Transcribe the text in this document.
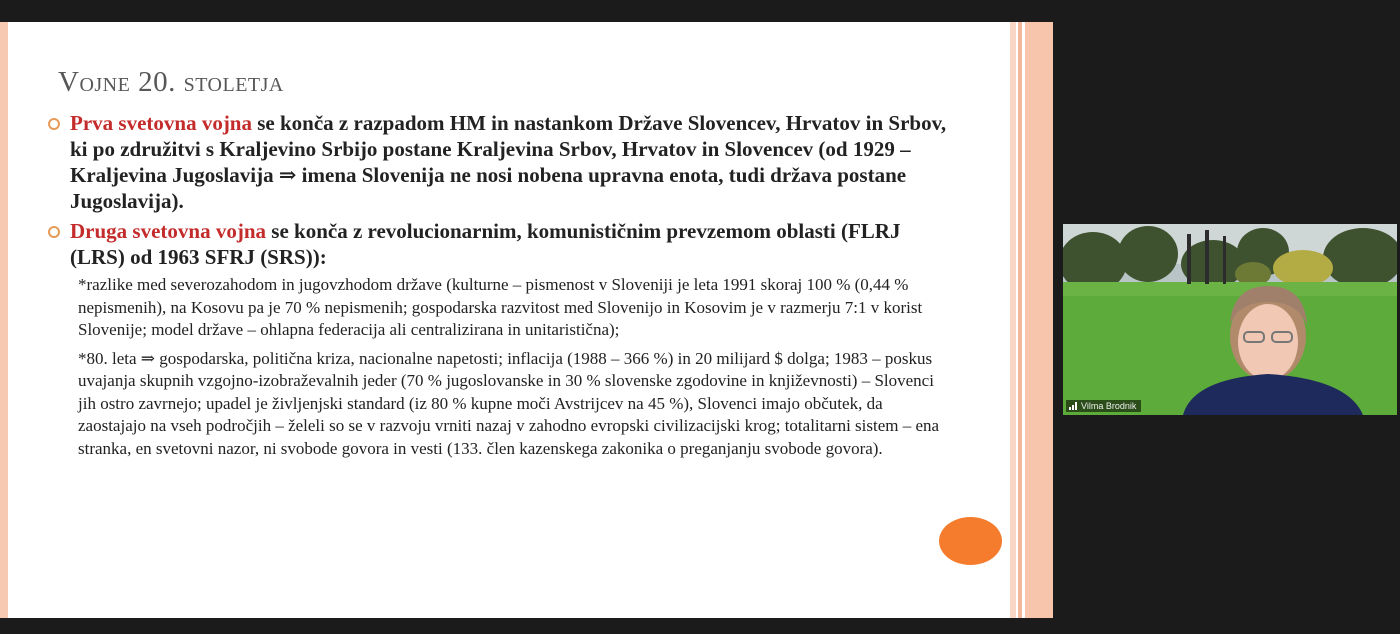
Vojne 20. stoletja
Prva svetovna vojna se konča z razpadom HM in nastankom Države Slovencev, Hrvatov in Srbov, ki po združitvi s Kraljevino Srbijo postane Kraljevina Srbov, Hrvatov in Slovencev (od 1929 – Kraljevina Jugoslavija ⇒ imena Slovenija ne nosi nobena upravna enota, tudi država postane Jugoslavija).
Druga svetovna vojna se konča z revolucionarnim, komunističnim prevzemom oblasti (FLRJ (LRS) od 1963 SFRJ (SRS)):
*razlike med severozahodom in jugovzhodom države (kulturne – pismenost v Sloveniji je leta 1991 skoraj 100 % (0,44 % nepismenih), na Kosovu pa je 70 % nepismenih; gospodarska razvitost med Slovenijo in Kosovim je v razmerju 7:1 v korist Slovenije; model države – ohlapna federacija ali centralizirana in unitaristična);
*80. leta ⇒ gospodarska, politična kriza, nacionalne napetosti; inflacija (1988 – 366 %) in 20 milijard $ dolga; 1983 – poskus uvajanja skupnih vzgojno-izobraževalnih jeder (70 % jugoslovanske in 30 % slovenske zgodovine in književnosti) – Slovenci jih ostro zavrnejo; upadel je življenjski standard (iz 80 % kupne moči Avstrijcev na 45 %), Slovenci imajo občutek, da zaostajajo na vseh področjih – želeli so se v razvoju vrniti nazaj v zahodno evropski civilizacijski krog; totalitarni sistem – ena stranka, en svetovni nazor, ni svobode govora in vesti (133. člen kazenskega zakonika o preganjanju svobode govora).
Vilma Brodnik
